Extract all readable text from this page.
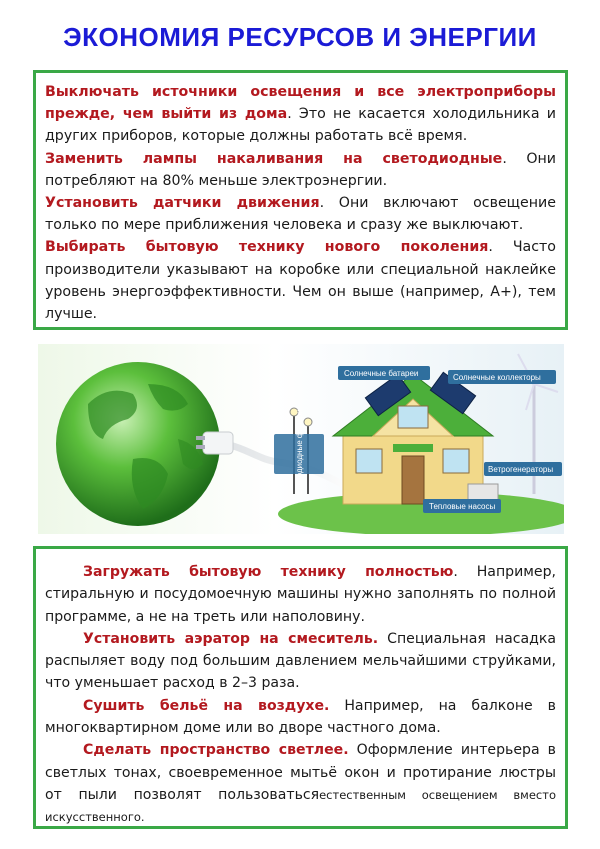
ЭКОНОМИЯ РЕСУРСОВ И ЭНЕРГИИ

Выключать источники освещения и все электроприборы прежде, чем выйти из дома. Это не касается холодильника и других приборов, которые должны работать всё время.

Заменить лампы накаливания на светодиодные. Они потребляют на 80% меньше электроэнергии.

Установить датчики движения. Они включают освещение только по мере приближения человека и сразу же выключают.

Выбирать бытовую технику нового поколения. Часто производители указывают на коробке или специальной наклейке уровень энергоэффективности. Чем он выше (например, А+), тем лучше.

Солнечные батареи	Солнечные коллекторы
Светодиодные фонари	Ветрогенераторы
Тепловые насосы

Загружать бытовую технику полностью. Например, стиральную и посудомоечную машины нужно заполнять по полной программе, а не на треть или наполовину.

Установить аэратор на смеситель. Специальная насадка распыляет воду под большим давлением мельчайшими струйками, что уменьшает расход в 2–3 раза.

Сушить бельё на воздухе. Например, на балконе в многоквартирном доме или во дворе частного дома.

Сделать пространство светлее. Оформление интерьера в светлых тонах, своевременное мытьё окон и протирание люстры от пыли позволят пользоватьсяестественным освещением вместо искусственного.
